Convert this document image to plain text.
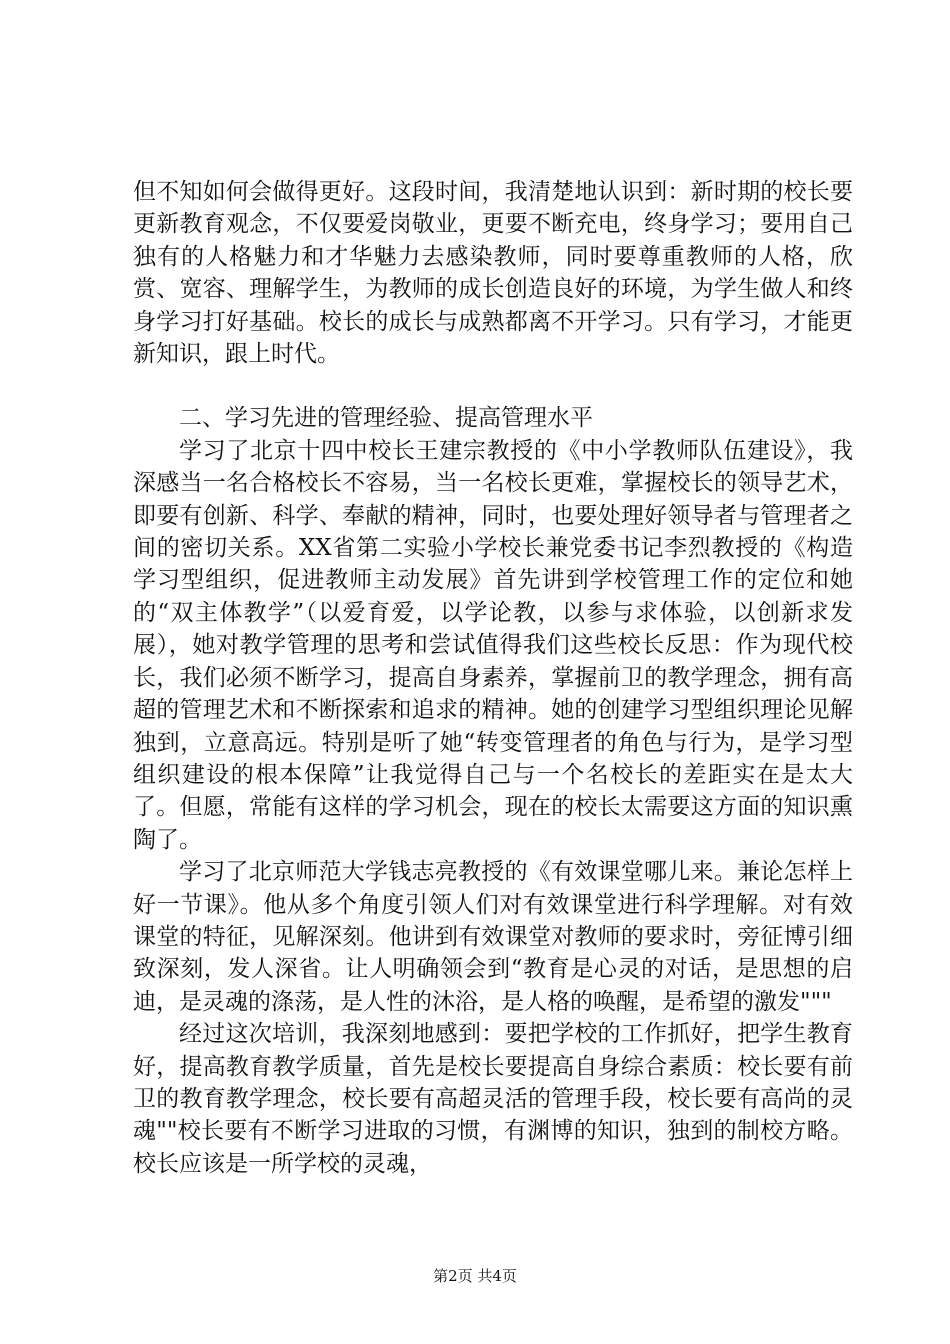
但不知如何会做得更好。这段时间，我清楚地认识到：新时期的校长要更新教育观念，不仅要爱岗敬业，更要不断充电，终身学习；要用自己独有的人格魅力和才华魅力去感染教师，同时要尊重教师的人格，欣赏、宽容、理解学生，为教师的成长创造良好的环境，为学生做人和终身学习打好基础。校长的成长与成熟都离不开学习。只有学习，才能更新知识，跟上时代。

二、学习先进的管理经验、提高管理水平

学习了北京十四中校长王建宗教授的《中小学教师队伍建设》，我深感当一名合格校长不容易，当一名校长更难，掌握校长的领导艺术，即要有创新、科学、奉献的精神，同时，也要处理好领导者与管理者之间的密切关系。XX省第二实验小学校长兼党委书记李烈教授的《构造学习型组织，促进教师主动发展》首先讲到学校管理工作的定位和她的“双主体教学”（以爱育爱，以学论教，以参与求体验，以创新求发展），她对教学管理的思考和尝试值得我们这些校长反思：作为现代校长，我们必须不断学习，提高自身素养，掌握前卫的教学理念，拥有高超的管理艺术和不断探索和追求的精神。她的创建学习型组织理论见解独到，立意高远。特别是听了她“转变管理者的角色与行为，是学习型组织建设的根本保障”让我觉得自己与一个名校长的差距实在是太大了。但愿，常能有这样的学习机会，现在的校长太需要这方面的知识熏陶了。

学习了北京师范大学钱志亮教授的《有效课堂哪儿来。兼论怎样上好一节课》。他从多个角度引领人们对有效课堂进行科学理解。对有效课堂的特征，见解深刻。他讲到有效课堂对教师的要求时，旁征博引细致深刻，发人深省。让人明确领会到“教育是心灵的对话，是思想的启迪，是灵魂的涤荡，是人性的沐浴，是人格的唤醒，是希望的激发"""

经过这次培训，我深刻地感到：要把学校的工作抓好，把学生教育好，提高教育教学质量，首先是校长要提高自身综合素质：校长要有前卫的教育教学理念，校长要有高超灵活的管理手段，校长要有高尚的灵魂""校长要有不断学习进取的习惯，有渊博的知识，独到的制校方略。校长应该是一所学校的灵魂，

第2页 共4页
